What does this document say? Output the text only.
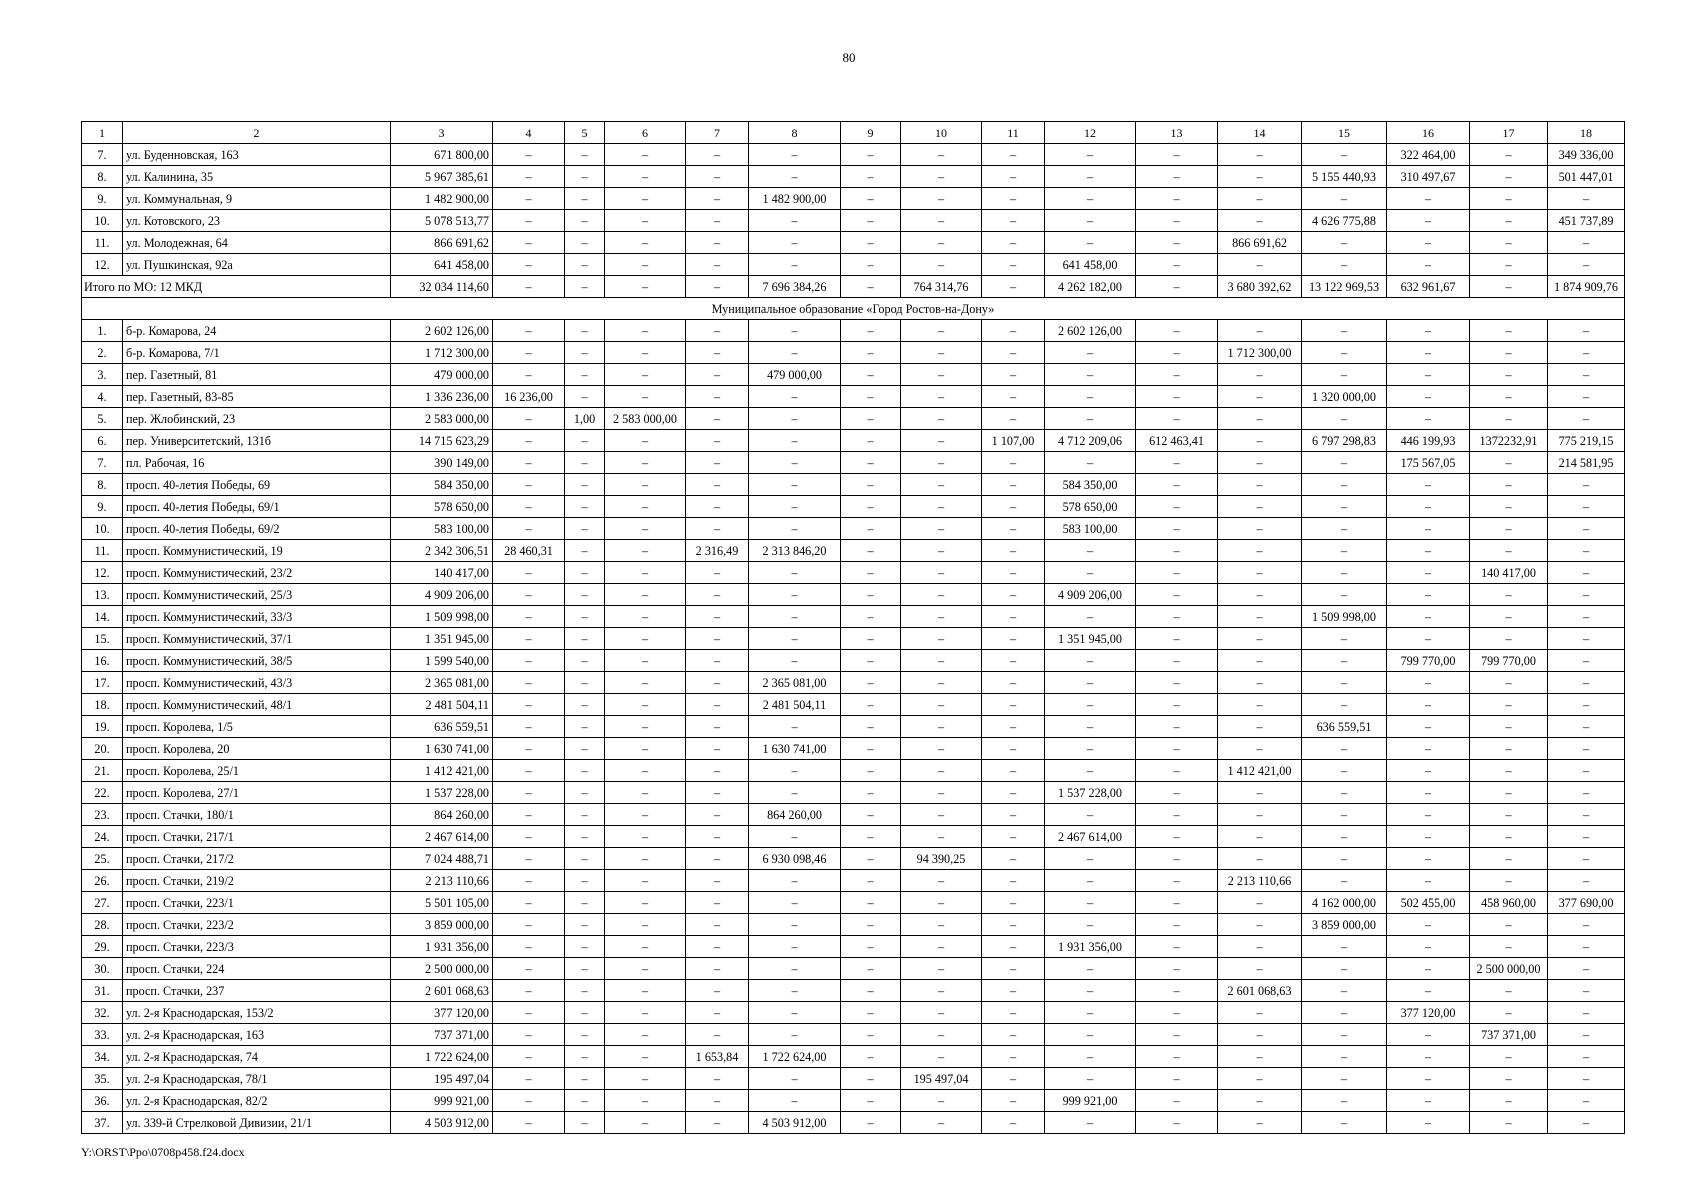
80
1	2	3	4	5	6	7	8	9	10	11	12	13	14	15	16	17	18
7.	ул. Буденновская, 163	671 800,00	–	–	–	–	–	–	–	–	–	–	–	–	322 464,00	–	349 336,00
8.	ул. Калинина, 35	5 967 385,61	–	–	–	–	–	–	–	–	–	–	–	5 155 440,93	310 497,67	–	501 447,01
9.	ул. Коммунальная, 9	1 482 900,00	–	–	–	–	1 482 900,00	–	–	–	–	–	–	–	–	–	–
10.	ул. Котовского, 23	5 078 513,77	–	–	–	–	–	–	–	–	–	–	–	4 626 775,88	–	–	451 737,89
11.	ул. Молодежная, 64	866 691,62	–	–	–	–	–	–	–	–	–	–	866 691,62	–	–	–	–
12.	ул. Пушкинская, 92а	641 458,00	–	–	–	–	–	–	–	–	641 458,00	–	–	–	–	–	–
Итого по МО: 12 МКД		32 034 114,60	–	–	–	–	7 696 384,26	–	764 314,76	–	4 262 182,00	–	3 680 392,62	13 122 969,53	632 961,67	–	1 874 909,76
Муниципальное образование «Город Ростов-на-Дону»																	
1.	б-р. Комарова, 24	2 602 126,00	–	–	–	–	–	–	–	–	2 602 126,00	–	–	–	–	–	–
2.	б-р. Комарова, 7/1	1 712 300,00	–	–	–	–	–	–	–	–	–	–	1 712 300,00	–	–	–	–
3.	пер. Газетный, 81	479 000,00	–	–	–	–	479 000,00	–	–	–	–	–	–	–	–	–	–
4.	пер. Газетный, 83-85	1 336 236,00	16 236,00	–	–	–	–	–	–	–	–	–	–	1 320 000,00	–	–	–
5.	пер. Жлобинский, 23	2 583 000,00	–	1,00	2 583 000,00	–	–	–	–	–	–	–	–	–	–	–	–
6.	пер. Университетский, 131б	14 715 623,29	–	–	–	–	–	–	–	1 107,00	4 712 209,06	612 463,41	–	6 797 298,83	446 199,93	1372232,91	775 219,15
7.	пл. Рабочая, 16	390 149,00	–	–	–	–	–	–	–	–	–	–	–	–	175 567,05	–	214 581,95
8.	просп. 40-летия Победы, 69	584 350,00	–	–	–	–	–	–	–	–	584 350,00	–	–	–	–	–	–
9.	просп. 40-летия Победы, 69/1	578 650,00	–	–	–	–	–	–	–	–	578 650,00	–	–	–	–	–	–
10.	просп. 40-летия Победы, 69/2	583 100,00	–	–	–	–	–	–	–	–	583 100,00	–	–	–	–	–	–
11.	просп. Коммунистический, 19	2 342 306,51	28 460,31	–	–	2 316,49	2 313 846,20	–	–	–	–	–	–	–	–	–	–
12.	просп. Коммунистический, 23/2	140 417,00	–	–	–	–	–	–	–	–	–	–	–	–	–	140 417,00	–
13.	просп. Коммунистический, 25/3	4 909 206,00	–	–	–	–	–	–	–	–	4 909 206,00	–	–	–	–	–	–
14.	просп. Коммунистический, 33/3	1 509 998,00	–	–	–	–	–	–	–	–	–	–	–	1 509 998,00	–	–	–
15.	просп. Коммунистический, 37/1	1 351 945,00	–	–	–	–	–	–	–	–	1 351 945,00	–	–	–	–	–	–
16.	просп. Коммунистический, 38/5	1 599 540,00	–	–	–	–	–	–	–	–	–	–	–	–	799 770,00	799 770,00	–
17.	просп. Коммунистический, 43/3	2 365 081,00	–	–	–	–	2 365 081,00	–	–	–	–	–	–	–	–	–	–
18.	просп. Коммунистический, 48/1	2 481 504,11	–	–	–	–	2 481 504,11	–	–	–	–	–	–	–	–	–	–
19.	просп. Королева, 1/5	636 559,51	–	–	–	–	–	–	–	–	–	–	–	636 559,51	–	–	–
20.	просп. Королева, 20	1 630 741,00	–	–	–	–	1 630 741,00	–	–	–	–	–	–	–	–	–	–
21.	просп. Королева, 25/1	1 412 421,00	–	–	–	–	–	–	–	–	–	–	1 412 421,00	–	–	–	–
22.	просп. Королева, 27/1	1 537 228,00	–	–	–	–	–	–	–	–	1 537 228,00	–	–	–	–	–	–
23.	просп. Стачки, 180/1	864 260,00	–	–	–	–	864 260,00	–	–	–	–	–	–	–	–	–	–
24.	просп. Стачки, 217/1	2 467 614,00	–	–	–	–	–	–	–	–	2 467 614,00	–	–	–	–	–	–
25.	просп. Стачки, 217/2	7 024 488,71	–	–	–	–	6 930 098,46	–	94 390,25	–	–	–	–	–	–	–	–
26.	просп. Стачки, 219/2	2 213 110,66	–	–	–	–	–	–	–	–	–	–	2 213 110,66	–	–	–	–
27.	просп. Стачки, 223/1	5 501 105,00	–	–	–	–	–	–	–	–	–	–	–	4 162 000,00	502 455,00	458 960,00	377 690,00
28.	просп. Стачки, 223/2	3 859 000,00	–	–	–	–	–	–	–	–	–	–	–	3 859 000,00	–	–	–
29.	просп. Стачки, 223/3	1 931 356,00	–	–	–	–	–	–	–	–	1 931 356,00	–	–	–	–	–	–
30.	просп. Стачки, 224	2 500 000,00	–	–	–	–	–	–	–	–	–	–	–	–	–	2 500 000,00	–
31.	просп. Стачки, 237	2 601 068,63	–	–	–	–	–	–	–	–	–	–	2 601 068,63	–	–	–	–
32.	ул. 2-я Краснодарская, 153/2	377 120,00	–	–	–	–	–	–	–	–	–	–	–	–	377 120,00	–	–
33.	ул. 2-я Краснодарская, 163	737 371,00	–	–	–	–	–	–	–	–	–	–	–	–	–	737 371,00	–
34.	ул. 2-я Краснодарская, 74	1 722 624,00	–	–	–	1 653,84	1 722 624,00	–	–	–	–	–	–	–	–	–	–
35.	ул. 2-я Краснодарская, 78/1	195 497,04	–	–	–	–	–	–	195 497,04	–	–	–	–	–	–	–	–
36.	ул. 2-я Краснодарская, 82/2	999 921,00	–	–	–	–	–	–	–	–	999 921,00	–	–	–	–	–	–
37.	ул. 339-й Стрелковой Дивизии, 21/1	4 503 912,00	–	–	–	–	4 503 912,00	–	–	–	–	–	–	–	–	–	–
Y:\ORST\Ppo\0708p458.f24.docx
